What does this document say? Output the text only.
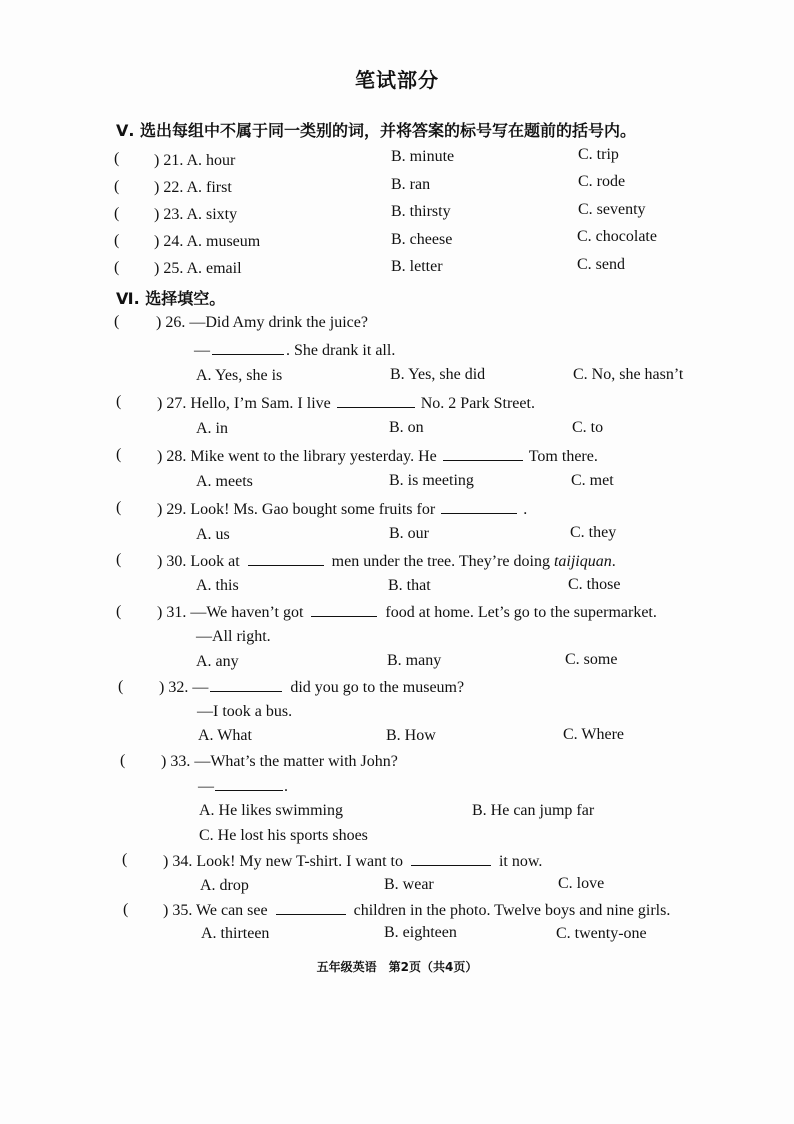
笔试部分
Ⅴ. 选出每组中不属于同一类别的词，并将答案的标号写在题前的括号内。
( ) 21. A. hour	B. minute	C. trip
( ) 22. A. first	B. ran	C. rode
( ) 23. A. sixty	B. thirsty	C. seventy
( ) 24. A. museum	B. cheese	C. chocolate
( ) 25. A. email	B. letter	C. send
Ⅵ. 选择填空。
( ) 26. —Did Amy drink the juice?
—	. She drank it all.
A. Yes, she is	B. Yes, she did	C. No, she hasn’t
( ) 27. Hello, I’m Sam. I live	No. 2 Park Street.
A. in	B. on	C. to
( ) 28. Mike went to the library yesterday. He	Tom there.
A. meets	B. is meeting	C. met
( ) 29. Look! Ms. Gao bought some fruits for	.
A. us	B. our	C. they
( ) 30. Look at	men under the tree. They’re doing taijiquan.
A. this	B. that	C. those
( ) 31. —We haven’t got	food at home. Let’s go to the supermarket.
—All right.
A. any	B. many	C. some
( ) 32. —	did you go to the museum?
—I took a bus.
A. What	B. How	C. Where
( ) 33. —What’s the matter with John?
—	.
A. He likes swimming	B. He can jump far
C. He lost his sports shoes
( ) 34. Look! My new T-shirt. I want to	it now.
A. drop	B. wear	C. love
( ) 35. We can see	children in the photo. Twelve boys and nine girls.
A. thirteen	B. eighteen	C. twenty-one
五年级英语　第2页（共4页）
